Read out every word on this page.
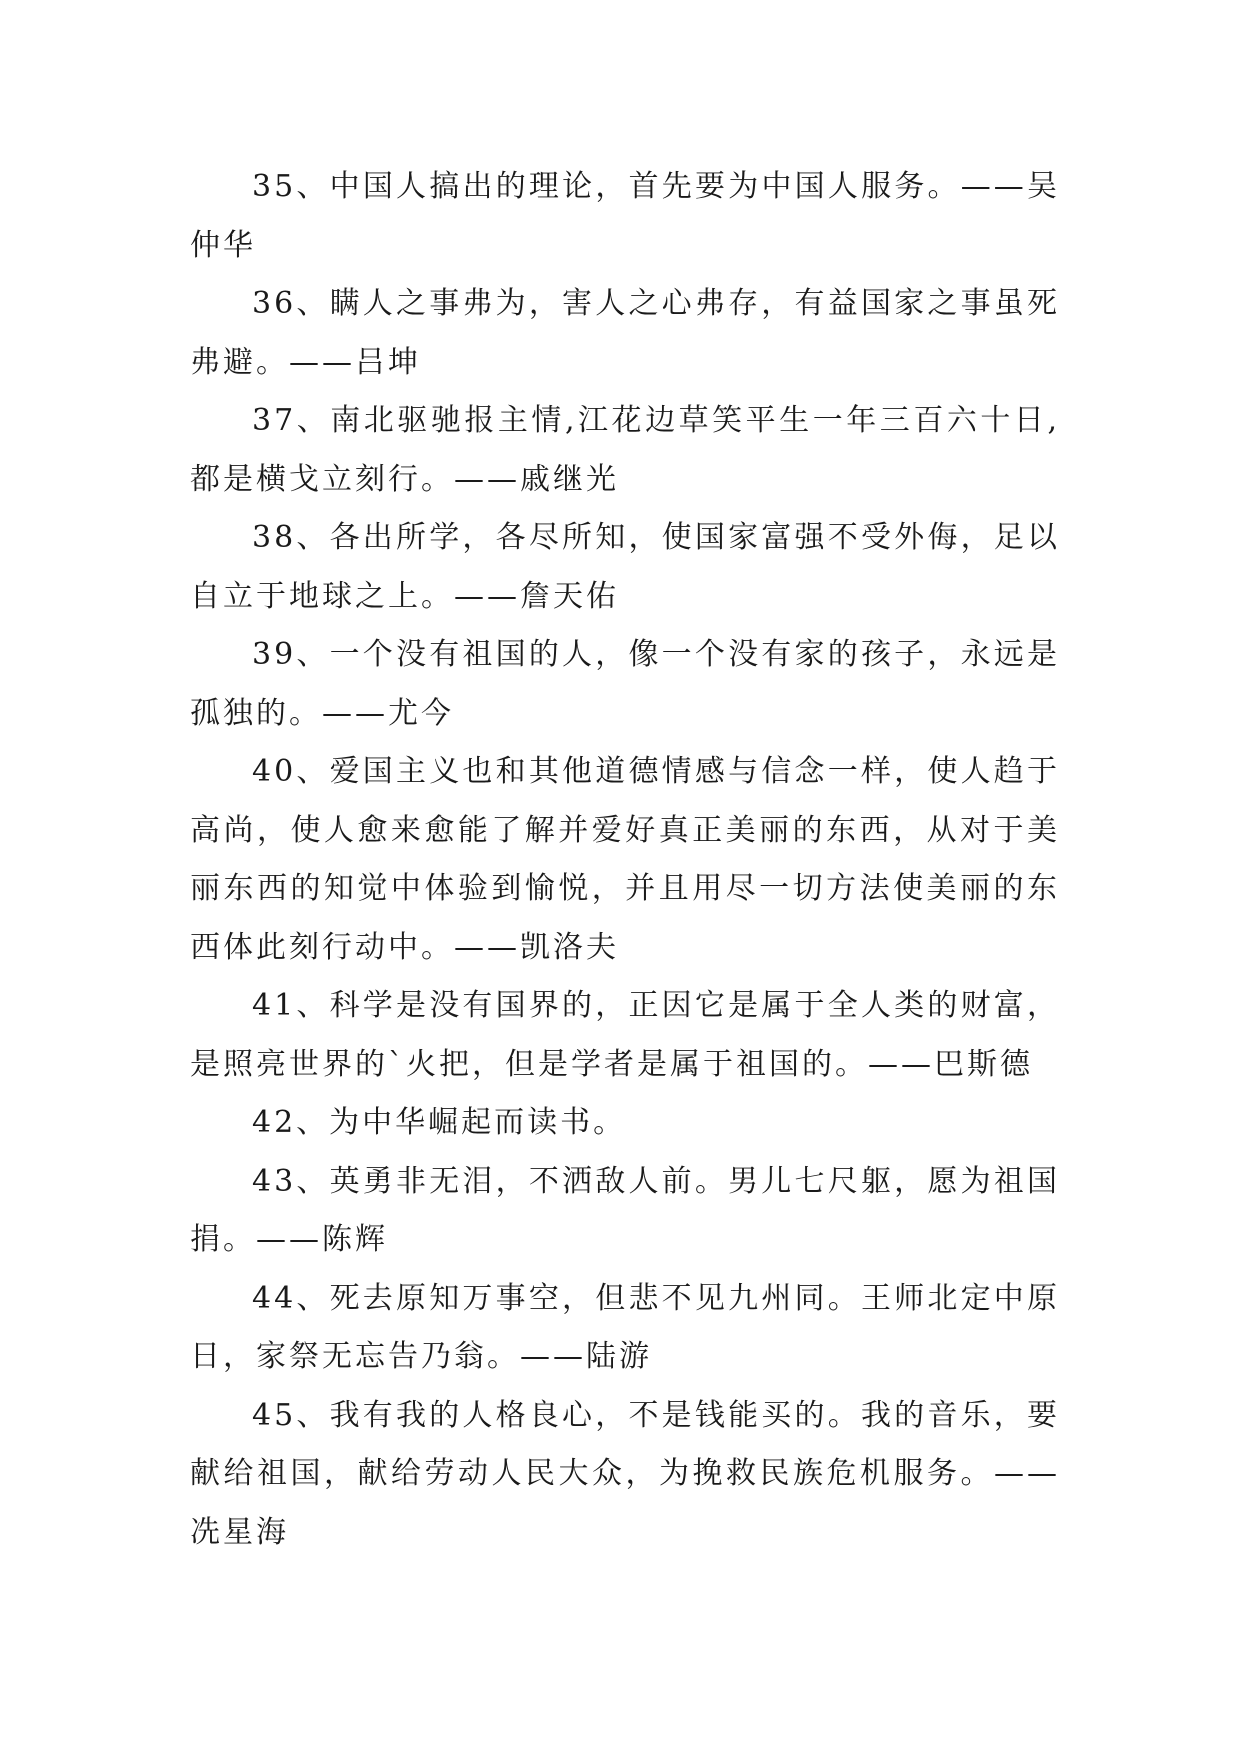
35、中国人搞出的理论，首先要为中国人服务。——吴仲华

36、瞒人之事弗为，害人之心弗存，有益国家之事虽死弗避。——吕坤

37、南北驱驰报主情,江花边草笑平生一年三百六十日,都是横戈立刻行。——戚继光

38、各出所学，各尽所知，使国家富强不受外侮，足以自立于地球之上。——詹天佑

39、一个没有祖国的人，像一个没有家的孩子，永远是孤独的。——尤今

40、爱国主义也和其他道德情感与信念一样，使人趋于高尚，使人愈来愈能了解并爱好真正美丽的东西，从对于美丽东西的知觉中体验到愉悦，并且用尽一切方法使美丽的东西体此刻行动中。——凯洛夫

41、科学是没有国界的，正因它是属于全人类的财富，是照亮世界的`火把，但是学者是属于祖国的。——巴斯德

42、为中华崛起而读书。

43、英勇非无泪，不洒敌人前。男儿七尺躯，愿为祖国捐。——陈辉

44、死去原知万事空，但悲不见九州同。王师北定中原日，家祭无忘告乃翁。——陆游

45、我有我的人格良心，不是钱能买的。我的音乐，要献给祖国，献给劳动人民大众，为挽救民族危机服务。——冼星海
